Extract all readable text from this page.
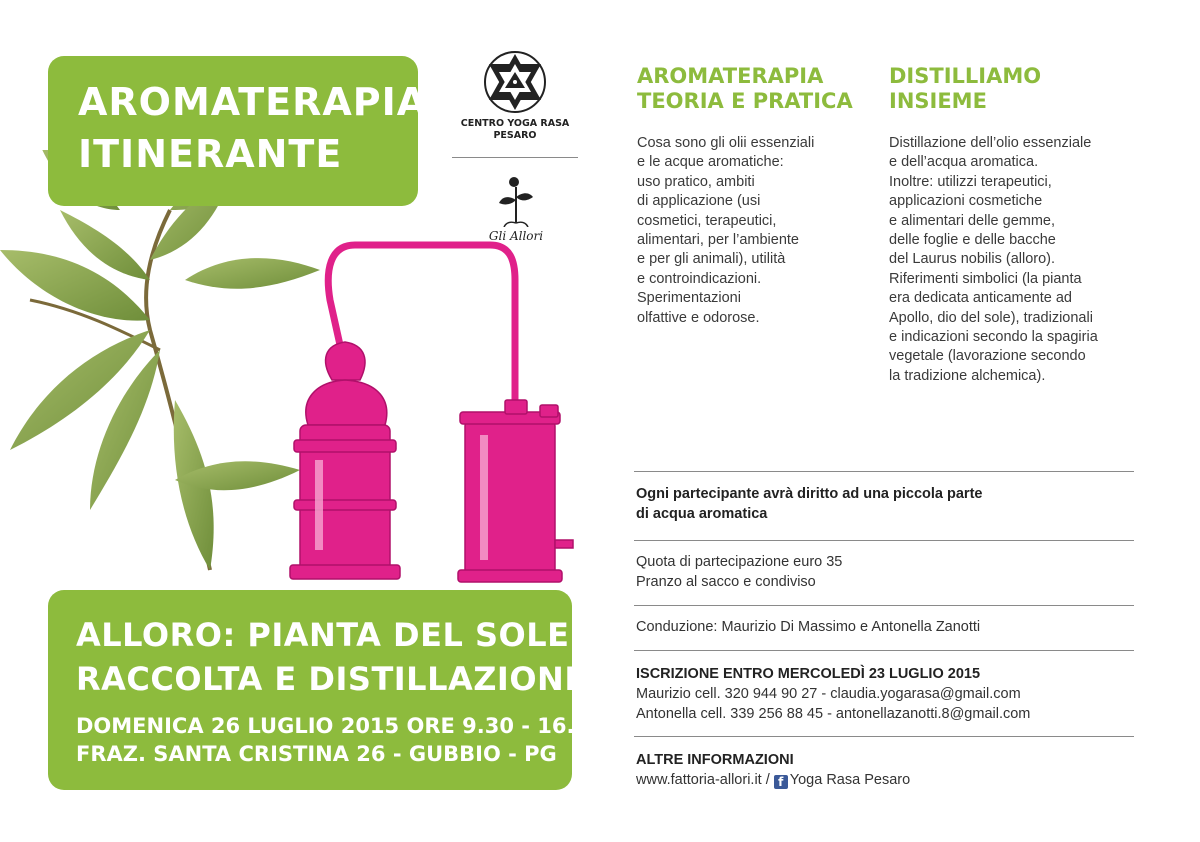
AROMATERAPIA
ITINERANTE
CENTRO YOGA RASA
PESARO
Gli Allori
AROMATERAPIA
TEORIA E PRATICA
Cosa sono gli olii essenziali
e le acque aromatiche:
uso pratico, ambiti
di applicazione (usi
cosmetici, terapeutici,
alimentari, per l’ambiente
e per gli animali), utilità
e controindicazioni.
Sperimentazioni
olfattive e odorose.
DISTILLIAMO
INSIEME
Distillazione dell’olio essenziale
e dell’acqua aromatica.
Inoltre: utilizzi terapeutici,
applicazioni cosmetiche
e alimentari delle gemme,
delle foglie e delle bacche
del Laurus nobilis (alloro).
Riferimenti simbolici (la pianta
era dedicata anticamente ad
Apollo, dio del sole), tradizionali
e indicazioni secondo la spagiria
vegetale (lavorazione secondo
la tradizione alchemica).
Ogni partecipante avrà diritto ad una piccola parte
di acqua aromatica
Quota di partecipazione euro 35
Pranzo al sacco e condiviso
Conduzione: Maurizio Di Massimo e Antonella Zanotti
ISCRIZIONE ENTRO MERCOLEDÌ 23 LUGLIO 2015
Maurizio cell. 320 944 90 27 - claudia.yogarasa@gmail.com
Antonella cell. 339 256 88 45 - antonellazanotti.8@gmail.com
ALTRE INFORMAZIONI
www.fattoria-allori.it / f Yoga Rasa Pesaro
ALLORO: PIANTA DEL SOLE
RACCOLTA E DISTILLAZIONE
DOMENICA 26 LUGLIO 2015 ORE 9.30 - 16.30
FRAZ. SANTA CRISTINA 26 - GUBBIO - PG
